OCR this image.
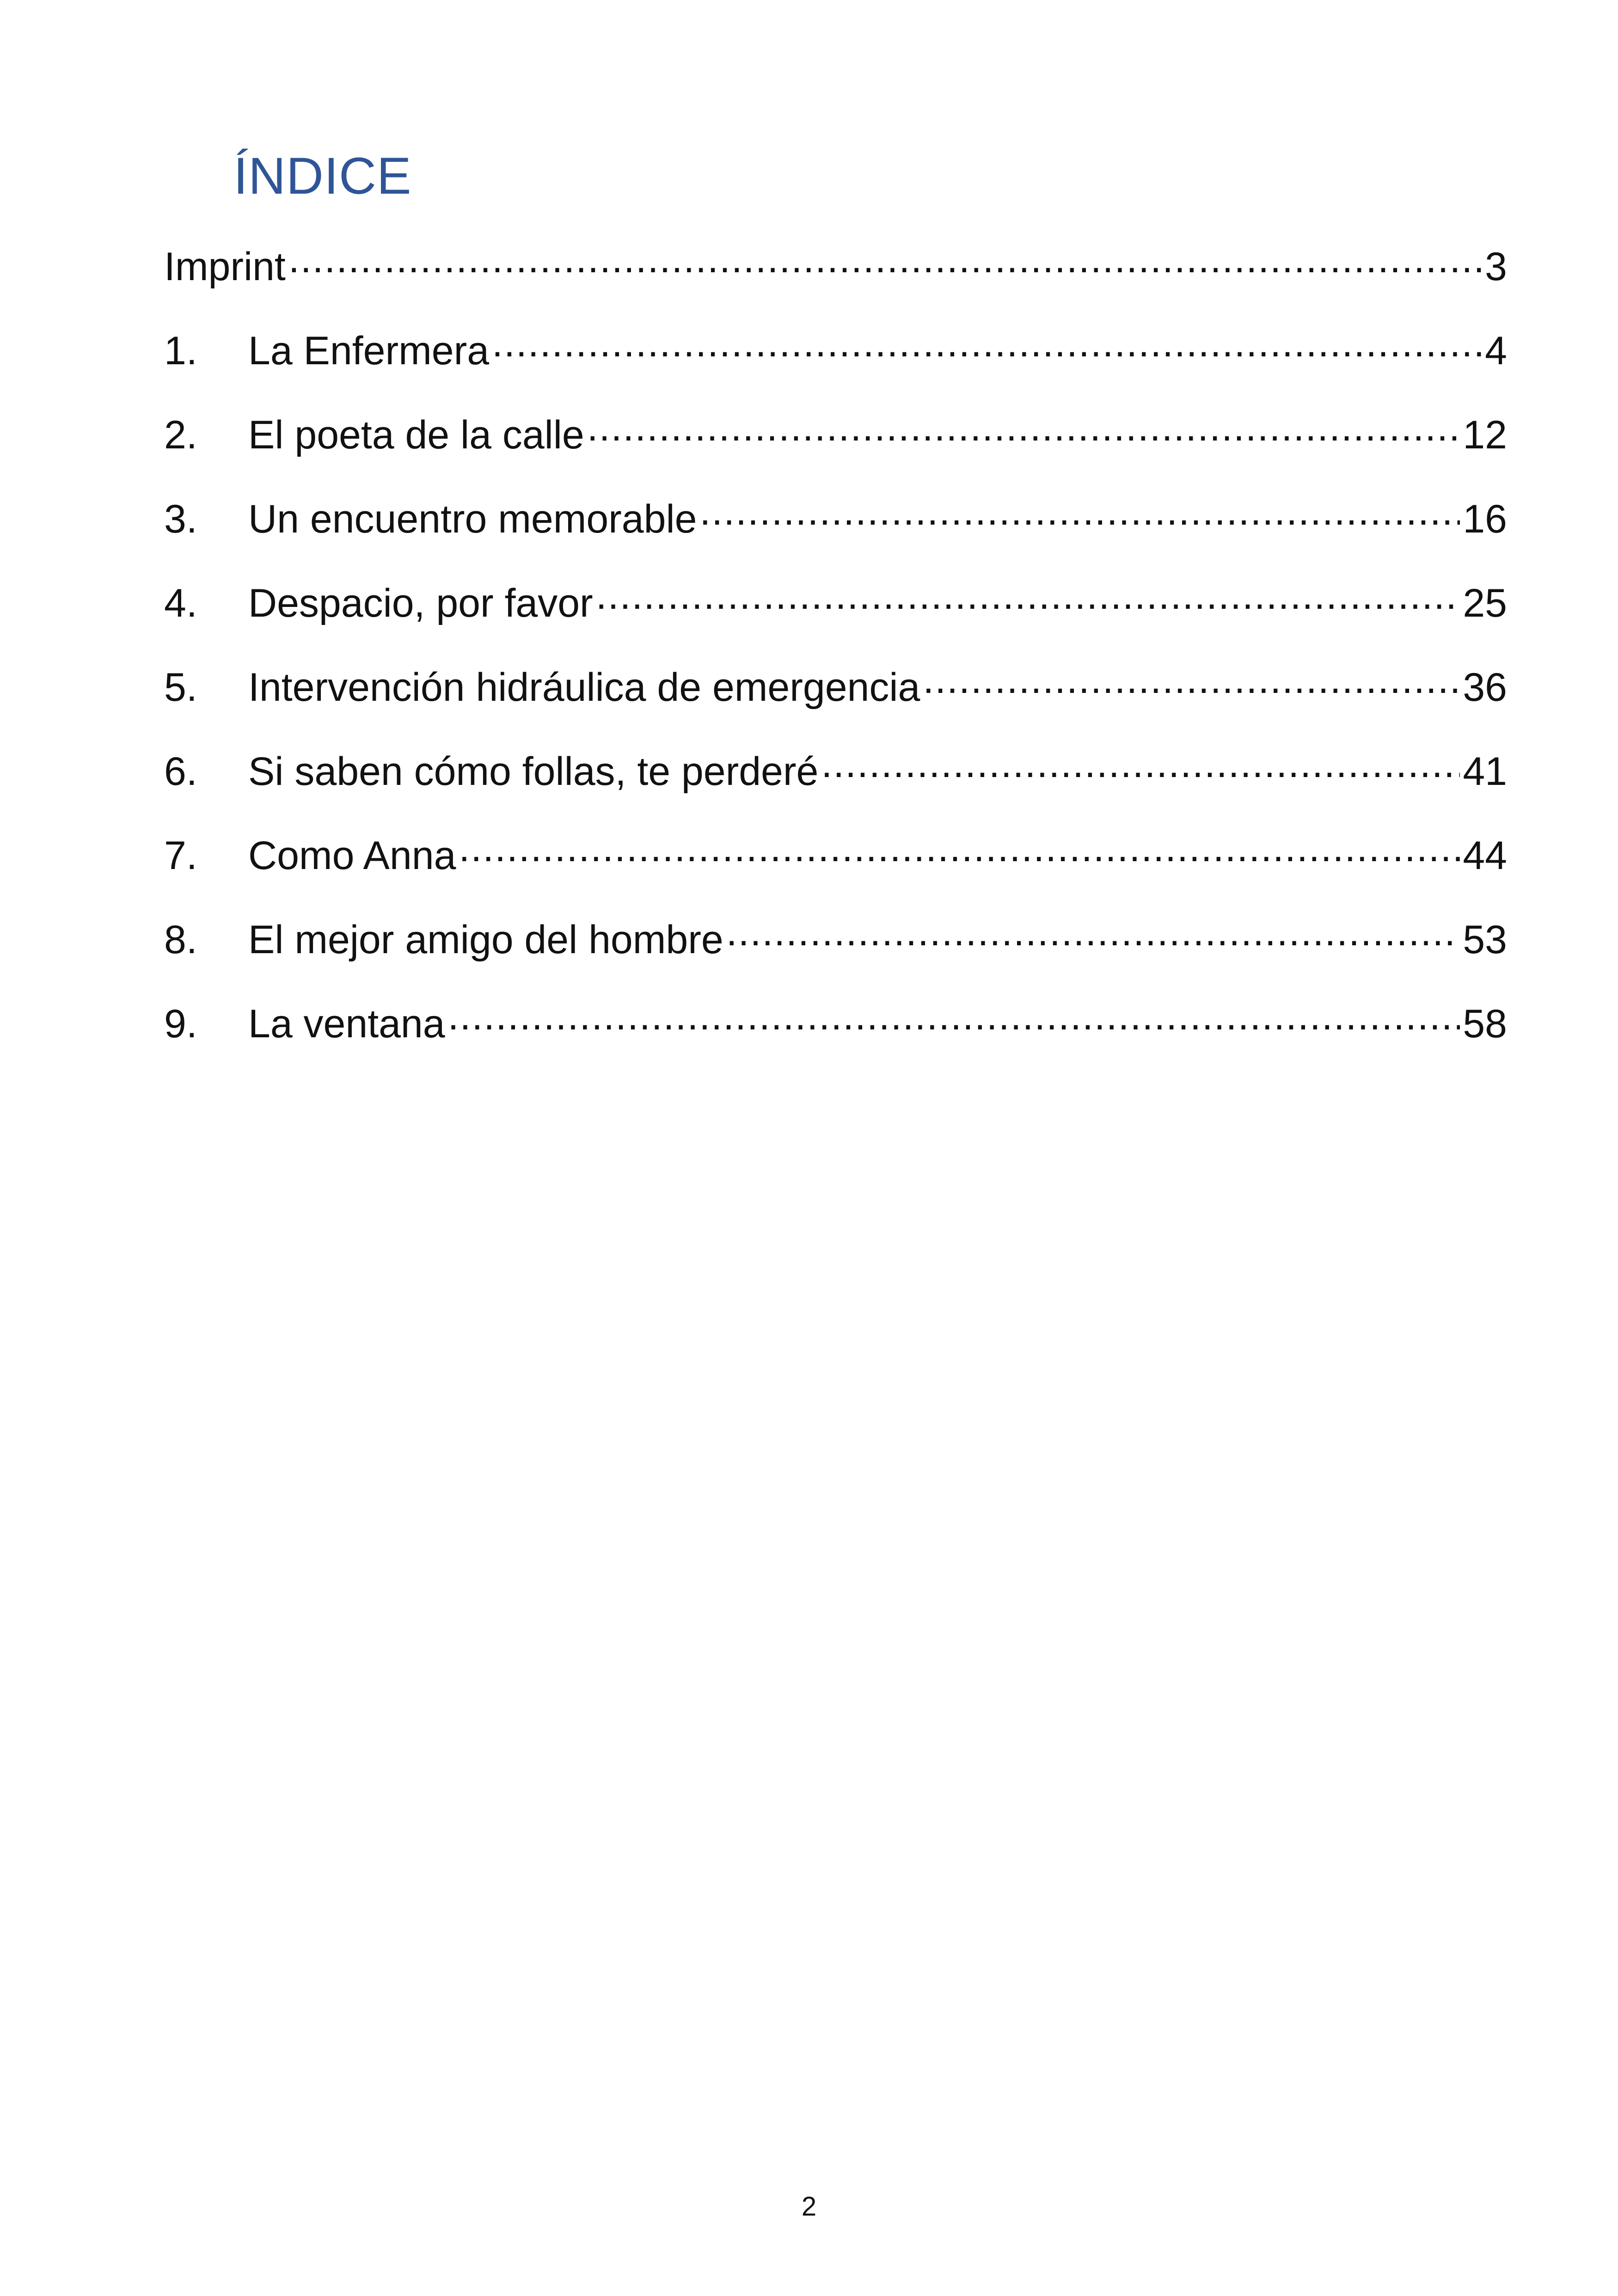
ÍNDICE
Imprint .....	3
1.	La Enfermera .....	4
2.	El poeta de la calle .....	12
3.	Un encuentro memorable .....	16
4.	Despacio, por favor .....	25
5.	Intervención hidráulica de emergencia .....	36
6.	Si saben cómo follas, te perderé .....	41
7.	Como Anna .....	44
8.	El mejor amigo del hombre .....	53
9.	La ventana .....	58
2
